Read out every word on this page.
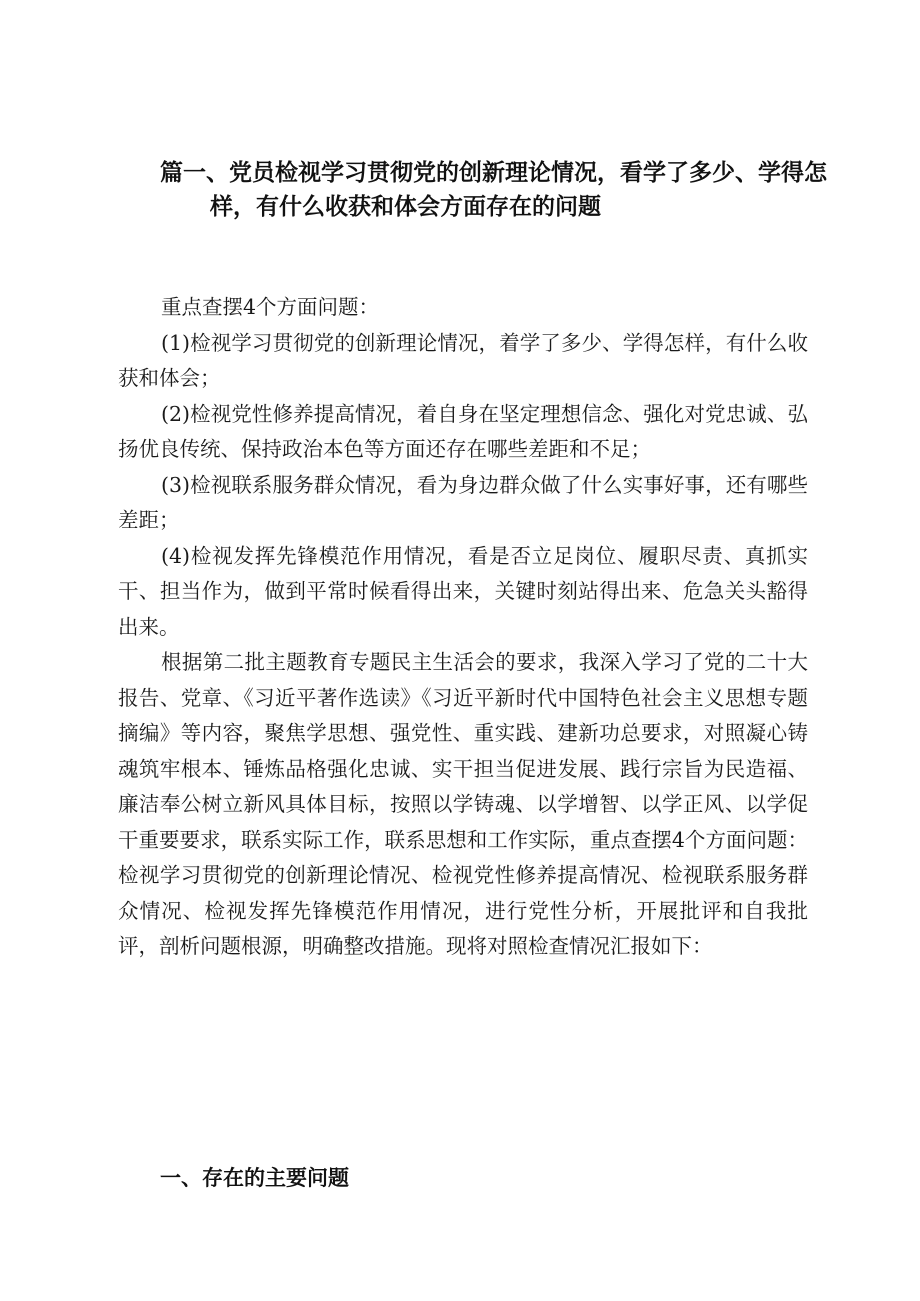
篇一、党员检视学习贯彻党的创新理论情况，看学了多少、学得怎
样，有什么收获和体会方面存在的问题

重点查摆4个方面问题：

(1)检视学习贯彻党的创新理论情况，着学了多少、学得怎样，有什么收获和体会；

(2)检视党性修养提高情况，着自身在坚定理想信念、强化对党忠诚、弘扬优良传统、保持政治本色等方面还存在哪些差距和不足；

(3)检视联系服务群众情况，看为身边群众做了什么实事好事，还有哪些差距；

(4)检视发挥先锋模范作用情况，看是否立足岗位、履职尽责、真抓实干、担当作为，做到平常时候看得出来，关键时刻站得出来、危急关头豁得出来。

根据第二批主题教育专题民主生活会的要求，我深入学习了党的二十大报告、党章、《习近平著作选读》《习近平新时代中国特色社会主义思想专题摘编》等内容，聚焦学思想、强党性、重实践、建新功总要求，对照凝心铸魂筑牢根本、锤炼品格强化忠诚、实干担当促进发展、践行宗旨为民造福、廉洁奉公树立新风具体目标，按照以学铸魂、以学增智、以学正风、以学促干重要要求，联系实际工作，联系思想和工作实际，重点查摆4个方面问题：检视学习贯彻党的创新理论情况、检视党性修养提高情况、检视联系服务群众情况、检视发挥先锋模范作用情况，进行党性分析，开展批评和自我批评，剖析问题根源，明确整改措施。现将对照检查情况汇报如下：

一、存在的主要问题
